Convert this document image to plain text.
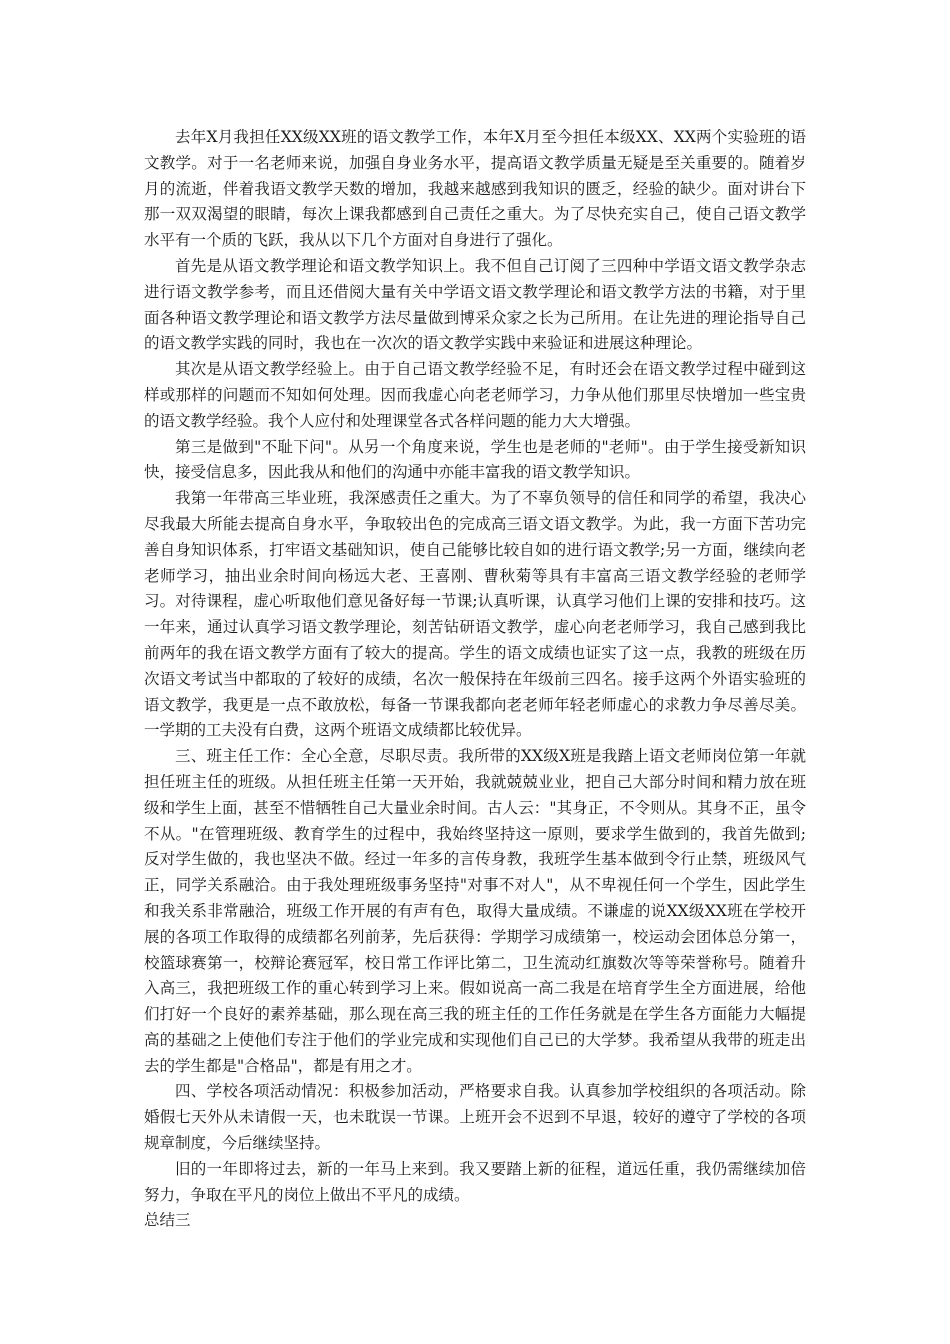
去年X月我担任XX级XX班的语文教学工作，本年X月至今担任本级XX、XX两个实验班的语文教学。对于一名老师来说，加强自身业务水平，提高语文教学质量无疑是至关重要的。随着岁月的流逝，伴着我语文教学天数的增加，我越来越感到我知识的匮乏，经验的缺少。面对讲台下那一双双渴望的眼睛，每次上课我都感到自己责任之重大。为了尽快充实自己，使自己语文教学水平有一个质的飞跃，我从以下几个方面对自身进行了强化。

首先是从语文教学理论和语文教学知识上。我不但自己订阅了三四种中学语文语文教学杂志进行语文教学参考，而且还借阅大量有关中学语文语文教学理论和语文教学方法的书籍，对于里面各种语文教学理论和语文教学方法尽量做到博采众家之长为己所用。在让先进的理论指导自己的语文教学实践的同时，我也在一次次的语文教学实践中来验证和进展这种理论。

其次是从语文教学经验上。由于自己语文教学经验不足，有时还会在语文教学过程中碰到这样或那样的问题而不知如何处理。因而我虚心向老老师学习，力争从他们那里尽快增加一些宝贵的语文教学经验。我个人应付和处理课堂各式各样问题的能力大大增强。

第三是做到"不耻下问"。从另一个角度来说，学生也是老师的"老师"。由于学生接受新知识快，接受信息多，因此我从和他们的沟通中亦能丰富我的语文教学知识。

我第一年带高三毕业班，我深感责任之重大。为了不辜负领导的信任和同学的希望，我决心尽我最大所能去提高自身水平，争取较出色的完成高三语文语文教学。为此，我一方面下苦功完善自身知识体系，打牢语文基础知识，使自己能够比较自如的进行语文教学;另一方面，继续向老老师学习，抽出业余时间向杨远大老、王喜刚、曹秋菊等具有丰富高三语文教学经验的老师学习。对待课程，虚心听取他们意见备好每一节课;认真听课，认真学习他们上课的安排和技巧。这一年来，通过认真学习语文教学理论，刻苦钻研语文教学，虚心向老老师学习，我自己感到我比前两年的我在语文教学方面有了较大的提高。学生的语文成绩也证实了这一点，我教的班级在历次语文考试当中都取的了较好的成绩，名次一般保持在年级前三四名。接手这两个外语实验班的语文教学，我更是一点不敢放松，每备一节课我都向老老师年轻老师虚心的求教力争尽善尽美。一学期的工夫没有白费，这两个班语文成绩都比较优异。

三、班主任工作：全心全意，尽职尽责。我所带的XX级X班是我踏上语文老师岗位第一年就担任班主任的班级。从担任班主任第一天开始，我就兢兢业业，把自己大部分时间和精力放在班级和学生上面，甚至不惜牺牲自己大量业余时间。古人云："其身正，不令则从。其身不正，虽令不从。"在管理班级、教育学生的过程中，我始终坚持这一原则，要求学生做到的，我首先做到;反对学生做的，我也坚决不做。经过一年多的言传身教，我班学生基本做到令行止禁，班级风气正，同学关系融洽。由于我处理班级事务坚持"对事不对人"，从不卑视任何一个学生，因此学生和我关系非常融洽，班级工作开展的有声有色，取得大量成绩。不谦虚的说XX级XX班在学校开展的各项工作取得的成绩都名列前茅，先后获得：学期学习成绩第一，校运动会团体总分第一，校篮球赛第一，校辩论赛冠军，校日常工作评比第二，卫生流动红旗数次等等荣誉称号。随着升入高三，我把班级工作的重心转到学习上来。假如说高一高二我是在培育学生全方面进展，给他们打好一个良好的素养基础，那么现在高三我的班主任的工作任务就是在学生各方面能力大幅提高的基础之上使他们专注于他们的学业完成和实现他们自己已的大学梦。我希望从我带的班走出去的学生都是"合格品"，都是有用之才。

四、学校各项活动情况：积极参加活动，严格要求自我。认真参加学校组织的各项活动。除婚假七天外从未请假一天，也未耽误一节课。上班开会不迟到不早退，较好的遵守了学校的各项规章制度，今后继续坚持。

旧的一年即将过去，新的一年马上来到。我又要踏上新的征程，道远任重，我仍需继续加倍努力，争取在平凡的岗位上做出不平凡的成绩。

总结三
